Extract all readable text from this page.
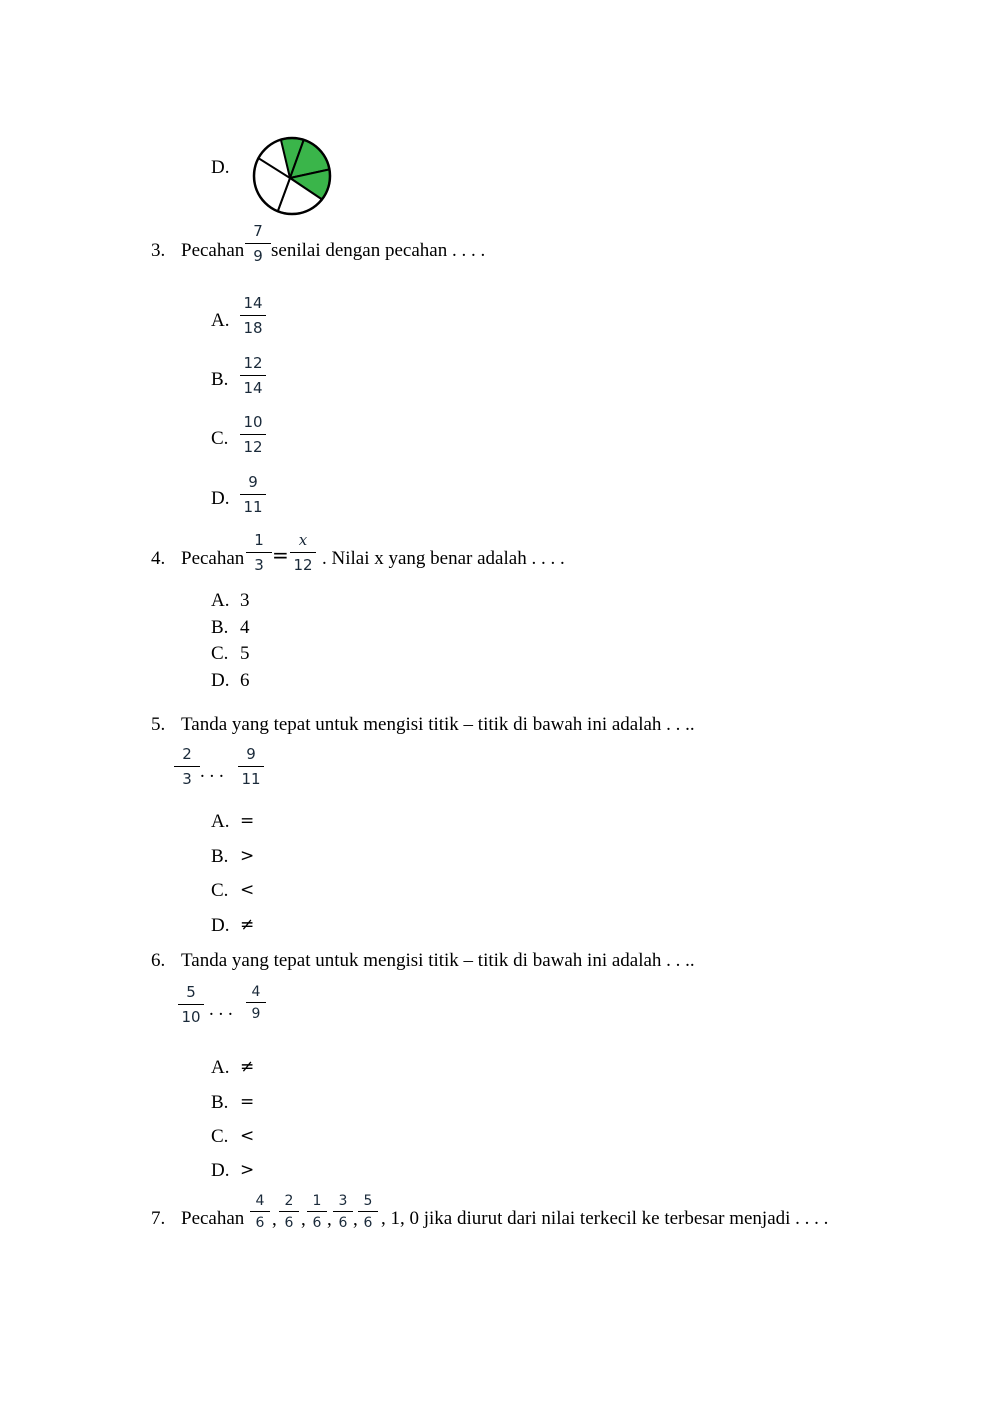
D.
3. Pecahan
7
9 senilai dengan pecahan . . . .
A.
14
18
B.
12
14
C.
10
12
D.
9
11
4. Pecahan
1
3 =
x
12 . Nilai x yang benar adalah . . . .
A. 3
B. 4
C. 5
D. 6
5. Tanda yang tepat untuk mengisi titik – titik di bawah ini adalah . . ..
2
3 . . .
9
11
A. =
B. >
C. <
D. ≠
6. Tanda yang tepat untuk mengisi titik – titik di bawah ini adalah . . ..
5
10 . . .
4
9
A. ≠
B. =
C. <
D. >
7. Pecahan
4
6 ,
2
6 ,
1
6 ,
3
6 ,
5
6 , 1, 0 jika diurut dari nilai terkecil ke terbesar menjadi . . . .
